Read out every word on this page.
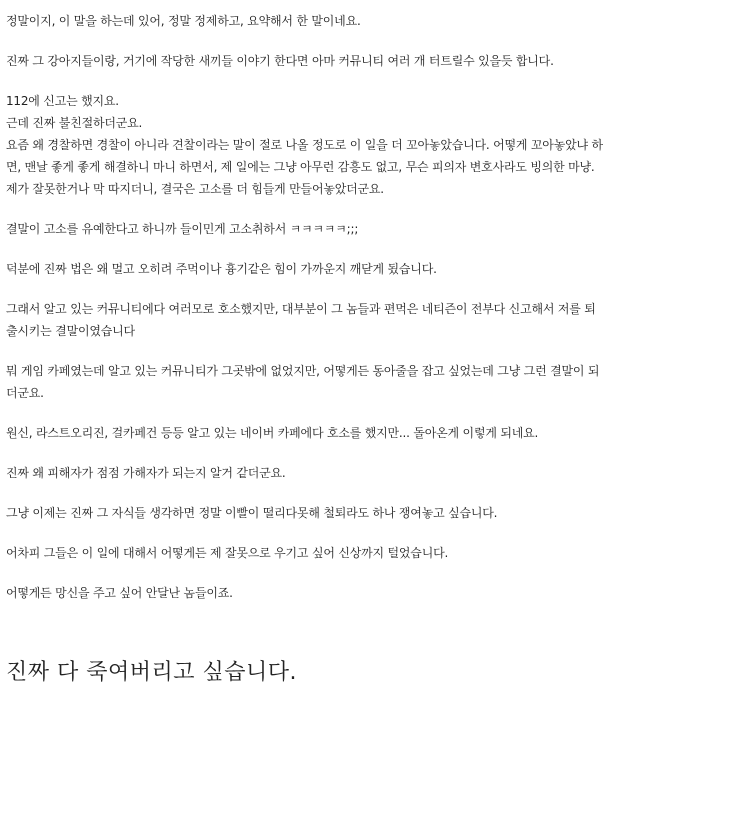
정말이지, 이 말을 하는데 있어, 정말 정제하고, 요약해서 한 말이네요.

진짜 그 강아지들이랑, 거기에 작당한 새끼들 이야기 한다면 아마 커뮤니티 여러 개 터트릴수 있을듯 합니다.

112에 신고는 했지요.
근데 진짜 불친절하더군요.
요즘 왜 경찰하면 경찰이 아니라 견찰이라는 말이 절로 나올 정도로 이 일을 더 꼬아놓았습니다. 어떻게 꼬아놓았냐 하
면, 맨날 좋게 좋게 해결하니 마니 하면서, 제 일에는 그냥 아무런 감흥도 없고, 무슨 피의자 변호사라도 빙의한 마냥.
제가 잘못한거나 막 따지더니, 결국은 고소를 더 힘들게 만들어놓았더군요.

결말이 고소를 유예한다고 하니까 들이민게 고소취하서 ㅋㅋㅋㅋㅋ;;;

덕분에 진짜 법은 왜 멀고 오히려 주먹이나 흉기같은 힘이 가까운지 깨닫게 됬습니다.

그래서 알고 있는 커뮤니티에다 여러모로 호소했지만, 대부분이 그 놈들과 편먹은 네티즌이 전부다 신고해서 저를 퇴
출시키는 결말이였습니다

뭐 게임 카페였는데 알고 있는 커뮤니티가 그곳밖에 없었지만, 어떻게든 동아줄을 잡고 싶었는데 그냥 그런 결말이 되
더군요.

원신, 라스트오리진, 걸카페건 등등 알고 있는 네이버 카페에다 호소를 했지만... 돌아온게 이렇게 되네요.

진짜 왜 피해자가 점점 가해자가 되는지 알거 같더군요.

그냥 이제는 진짜 그 자식들 생각하면 정말 이빨이 떨리다못해 철퇴라도 하나 쟁여놓고 싶습니다.

어차피 그들은 이 일에 대해서 어떻게든 제 잘못으로 우기고 싶어 신상까지 털었습니다.

어떻게든 망신을 주고 싶어 안달난 놈들이죠.

진짜 다 죽여버리고 싶습니다.
